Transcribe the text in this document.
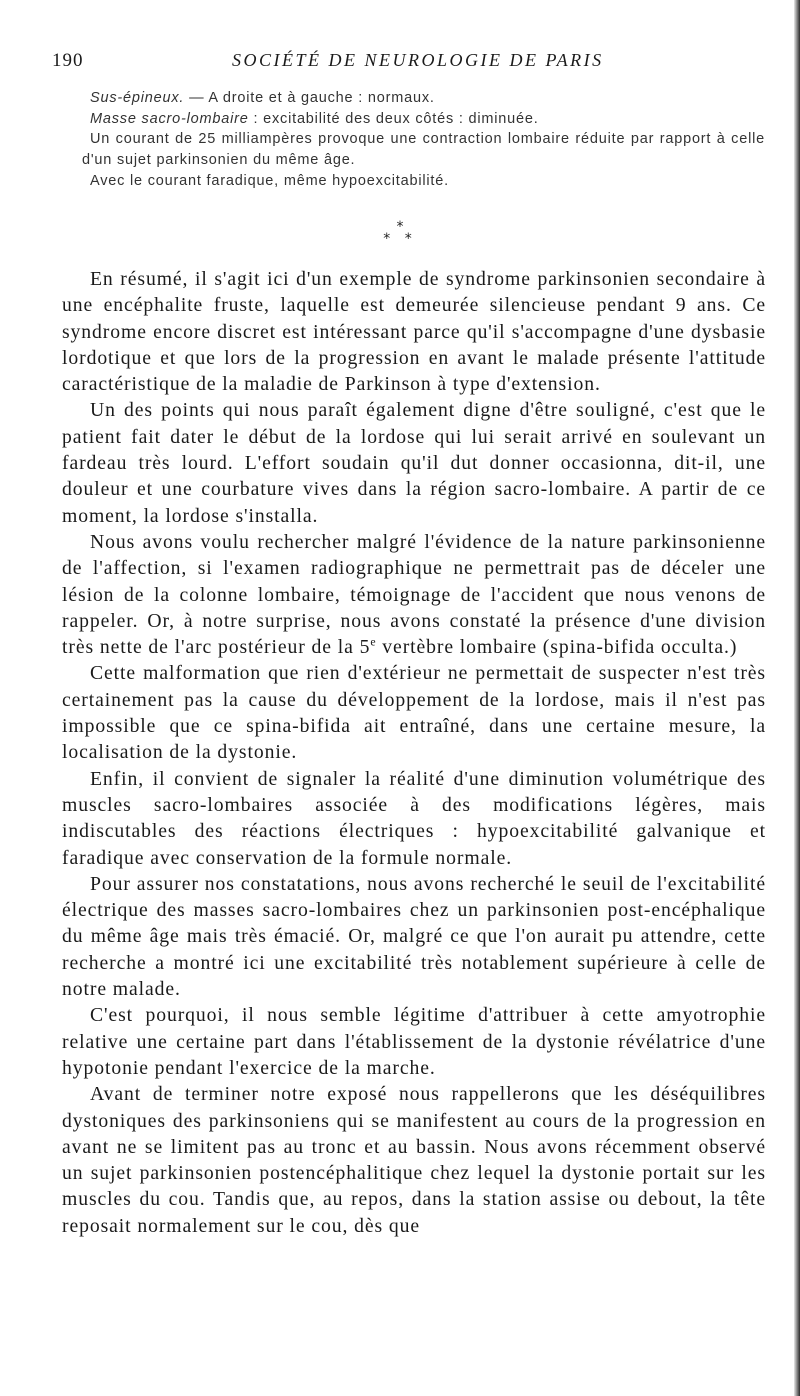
190	SOCIÉTÉ DE NEUROLOGIE DE PARIS

Sus-épineux. — A droite et à gauche : normaux.

Masse sacro-lombaire : excitabilité des deux côtés : diminuée.

Un courant de 25 milliampères provoque une contraction lombaire réduite par rapport à celle d'un sujet parkinsonien du même âge.

Avec le courant faradique, même hypoexcitabilité.

*
* *

En résumé, il s'agit ici d'un exemple de syndrome parkinsonien secondaire à une encéphalite fruste, laquelle est demeurée silencieuse pendant 9 ans. Ce syndrome encore discret est intéressant parce qu'il s'accompagne d'une dysbasie lordotique et que lors de la progression en avant le malade présente l'attitude caractéristique de la maladie de Parkinson à type d'extension.

Un des points qui nous paraît également digne d'être souligné, c'est que le patient fait dater le début de la lordose qui lui serait arrivé en soulevant un fardeau très lourd. L'effort soudain qu'il dut donner occasionna, dit-il, une douleur et une courbature vives dans la région sacro-lombaire. A partir de ce moment, la lordose s'installa.

Nous avons voulu rechercher malgré l'évidence de la nature parkinsonienne de l'affection, si l'examen radiographique ne permettrait pas de déceler une lésion de la colonne lombaire, témoignage de l'accident que nous venons de rappeler. Or, à notre surprise, nous avons constaté la présence d'une division très nette de l'arc postérieur de la 5e vertèbre lombaire (spina-bifida occulta.)

Cette malformation que rien d'extérieur ne permettait de suspecter n'est très certainement pas la cause du développement de la lordose, mais il n'est pas impossible que ce spina-bifida ait entraîné, dans une certaine mesure, la localisation de la dystonie.

Enfin, il convient de signaler la réalité d'une diminution volumétrique des muscles sacro-lombaires associée à des modifications légères, mais indiscutables des réactions électriques : hypoexcitabilité galvanique et faradique avec conservation de la formule normale.

Pour assurer nos constatations, nous avons recherché le seuil de l'excitabilité électrique des masses sacro-lombaires chez un parkinsonien post-encéphalique du même âge mais très émacié. Or, malgré ce que l'on aurait pu attendre, cette recherche a montré ici une excitabilité très notablement supérieure à celle de notre malade.

C'est pourquoi, il nous semble légitime d'attribuer à cette amyotrophie relative une certaine part dans l'établissement de la dystonie révélatrice d'une hypotonie pendant l'exercice de la marche.

Avant de terminer notre exposé nous rappellerons que les déséquilibres dystoniques des parkinsoniens qui se manifestent au cours de la progression en avant ne se limitent pas au tronc et au bassin. Nous avons récemment observé un sujet parkinsonien postencéphalitique chez lequel la dystonie portait sur les muscles du cou. Tandis que, au repos, dans la station assise ou debout, la tête reposait normalement sur le cou, dès que
